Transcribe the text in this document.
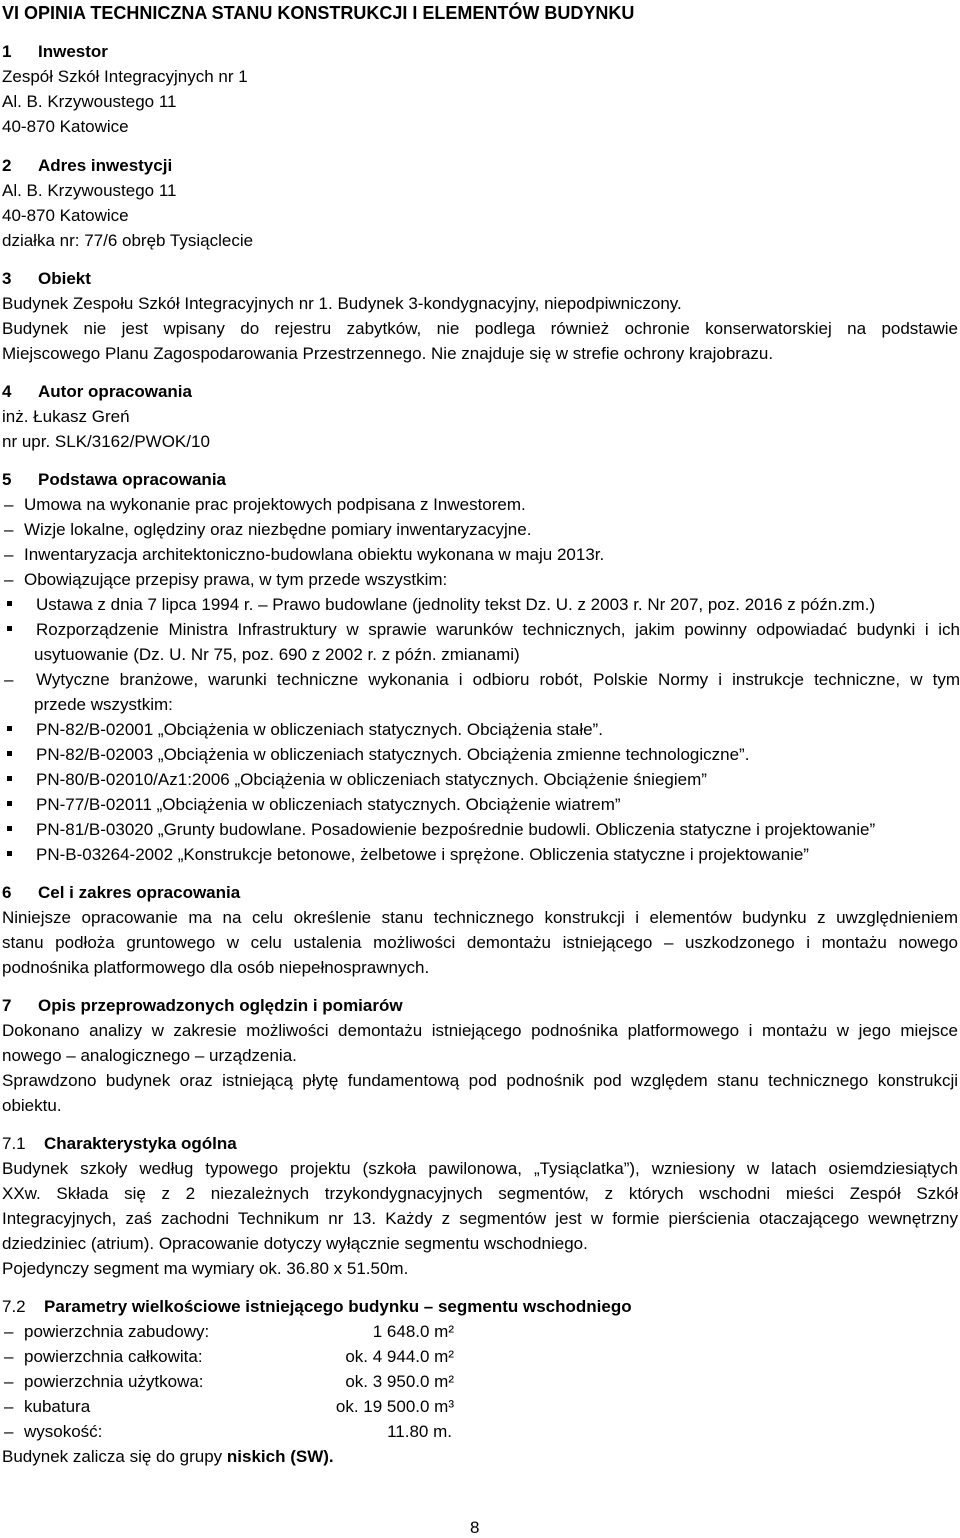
VI OPINIA TECHNICZNA STANU KONSTRUKCJI I ELEMENTÓW BUDYNKU
1 Inwestor
Zespół Szkół Integracyjnych nr 1
Al. B. Krzywoustego 11
40-870 Katowice
2 Adres inwestycji
Al. B. Krzywoustego 11
40-870 Katowice
działka nr: 77/6 obręb Tysiąclecie
3 Obiekt
Budynek Zespołu Szkół Integracyjnych nr 1. Budynek 3-kondygnacyjny, niepodpiwniczony.
Budynek nie jest wpisany do rejestru zabytków, nie podlega również ochronie konserwatorskiej na podstawie
Miejscowego Planu Zagospodarowania Przestrzennego. Nie znajduje się w strefie ochrony krajobrazu.
4 Autor opracowania
inż. Łukasz Greń
nr upr. SLK/3162/PWOK/10
5 Podstawa opracowania
– Umowa na wykonanie prac projektowych podpisana z Inwestorem.
– Wizje lokalne, oględziny oraz niezbędne pomiary inwentaryzacyjne.
– Inwentaryzacja architektoniczno-budowlana obiektu wykonana w maju 2013r.
– Obowiązujące przepisy prawa, w tym przede wszystkim:
Ustawa z dnia 7 lipca 1994 r. – Prawo budowlane (jednolity tekst Dz. U. z 2003 r. Nr 207, poz. 2016 z późn.zm.)
Rozporządzenie Ministra Infrastruktury w sprawie warunków technicznych, jakim powinny odpowiadać budynki i ich
usytuowanie (Dz. U. Nr 75, poz. 690 z 2002 r. z późn. zmianami)
–	Wytyczne branżowe, warunki techniczne wykonania i odbioru robót, Polskie Normy i instrukcje techniczne, w tym
przede wszystkim:
PN-82/B-02001 „Obciążenia w obliczeniach statycznych. Obciążenia stałe”.
PN-82/B-02003 „Obciążenia w obliczeniach statycznych. Obciążenia zmienne technologiczne”.
PN-80/B-02010/Az1:2006 „Obciążenia w obliczeniach statycznych. Obciążenie śniegiem”
PN-77/B-02011 „Obciążenia w obliczeniach statycznych. Obciążenie wiatrem”
PN-81/B-03020 „Grunty budowlane. Posadowienie bezpośrednie budowli. Obliczenia statyczne i projektowanie”
PN-B-03264-2002 „Konstrukcje betonowe, żelbetowe i sprężone. Obliczenia statyczne i projektowanie”
6 Cel i zakres opracowania
Niniejsze opracowanie ma na celu określenie stanu technicznego konstrukcji i elementów budynku z uwzględnieniem
stanu podłoża gruntowego w celu ustalenia możliwości demontażu istniejącego – uszkodzonego i montażu nowego
podnośnika platformowego dla osób niepełnosprawnych.
7 Opis przeprowadzonych oględzin i pomiarów
Dokonano analizy w zakresie możliwości demontażu istniejącego podnośnika platformowego i montażu w jego miejsce
nowego – analogicznego – urządzenia.
Sprawdzono budynek oraz istniejącą płytę fundamentową pod podnośnik pod względem stanu technicznego konstrukcji
obiektu.
7.1 Charakterystyka ogólna
Budynek szkoły według typowego projektu (szkoła pawilonowa, „Tysiąclatka”), wzniesiony w latach osiemdziesiątych
XXw. Składa się z 2 niezależnych trzykondygnacyjnych segmentów, z których wschodni mieści Zespół Szkół
Integracyjnych, zaś zachodni Technikum nr 13. Każdy z segmentów jest w formie pierścienia otaczającego wewnętrzny
dziedziniec (atrium). Opracowanie dotyczy wyłącznie segmentu wschodniego.
Pojedynczy segment ma wymiary ok. 36.80 x 51.50m.
7.2 Parametry wielkościowe istniejącego budynku – segmentu wschodniego
– powierzchnia zabudowy:	1 648.0 m²
– powierzchnia całkowita:	ok. 4 944.0 m²
– powierzchnia użytkowa:	ok. 3 950.0 m²
– kubatura	ok. 19 500.0 m³
– wysokość:	11.80 m.
Budynek zalicza się do grupy niskich (SW).
8
